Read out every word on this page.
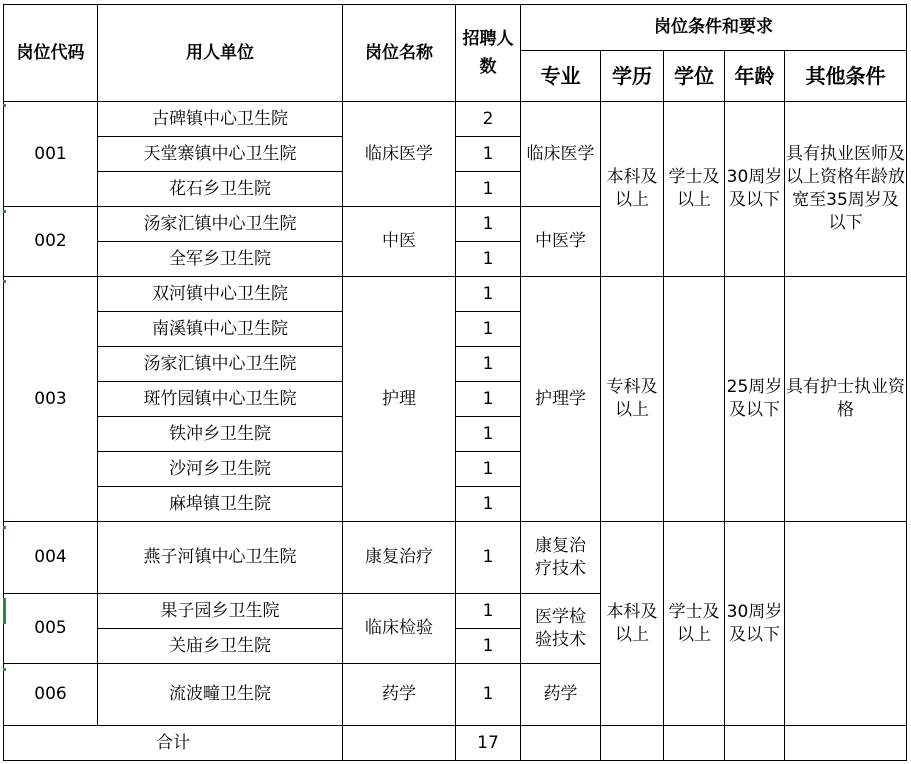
岗位代码	用人单位	岗位名称	招聘人数	岗位条件和要求				
				专业	学历	学位	年龄	其他条件
001	古碑镇中心卫生院	临床医学	2	临床医学	本科及以上	学士及以上	30周岁及以下	具有执业医师及以上资格年龄放宽至35周岁及以下
	天堂寨镇中心卫生院		1					
	花石乡卫生院		1					
002	汤家汇镇中心卫生院	中医	1	中医学				
	全军乡卫生院		1					
003	双河镇中心卫生院	护理	1	护理学	专科及以上		25周岁及以下	具有护士执业资格
	南溪镇中心卫生院		1					
	汤家汇镇中心卫生院		1					
	斑竹园镇中心卫生院		1					
	铁冲乡卫生院		1					
	沙河乡卫生院		1					
	麻埠镇卫生院		1					
004	燕子河镇中心卫生院	康复治疗	1	康复治疗技术	本科及以上	学士及以上	30周岁及以下	
005	果子园乡卫生院	临床检验	1	医学检验技术				
	关庙乡卫生院		1					
006	流波疃卫生院	药学	1	药学				
合计			17					
